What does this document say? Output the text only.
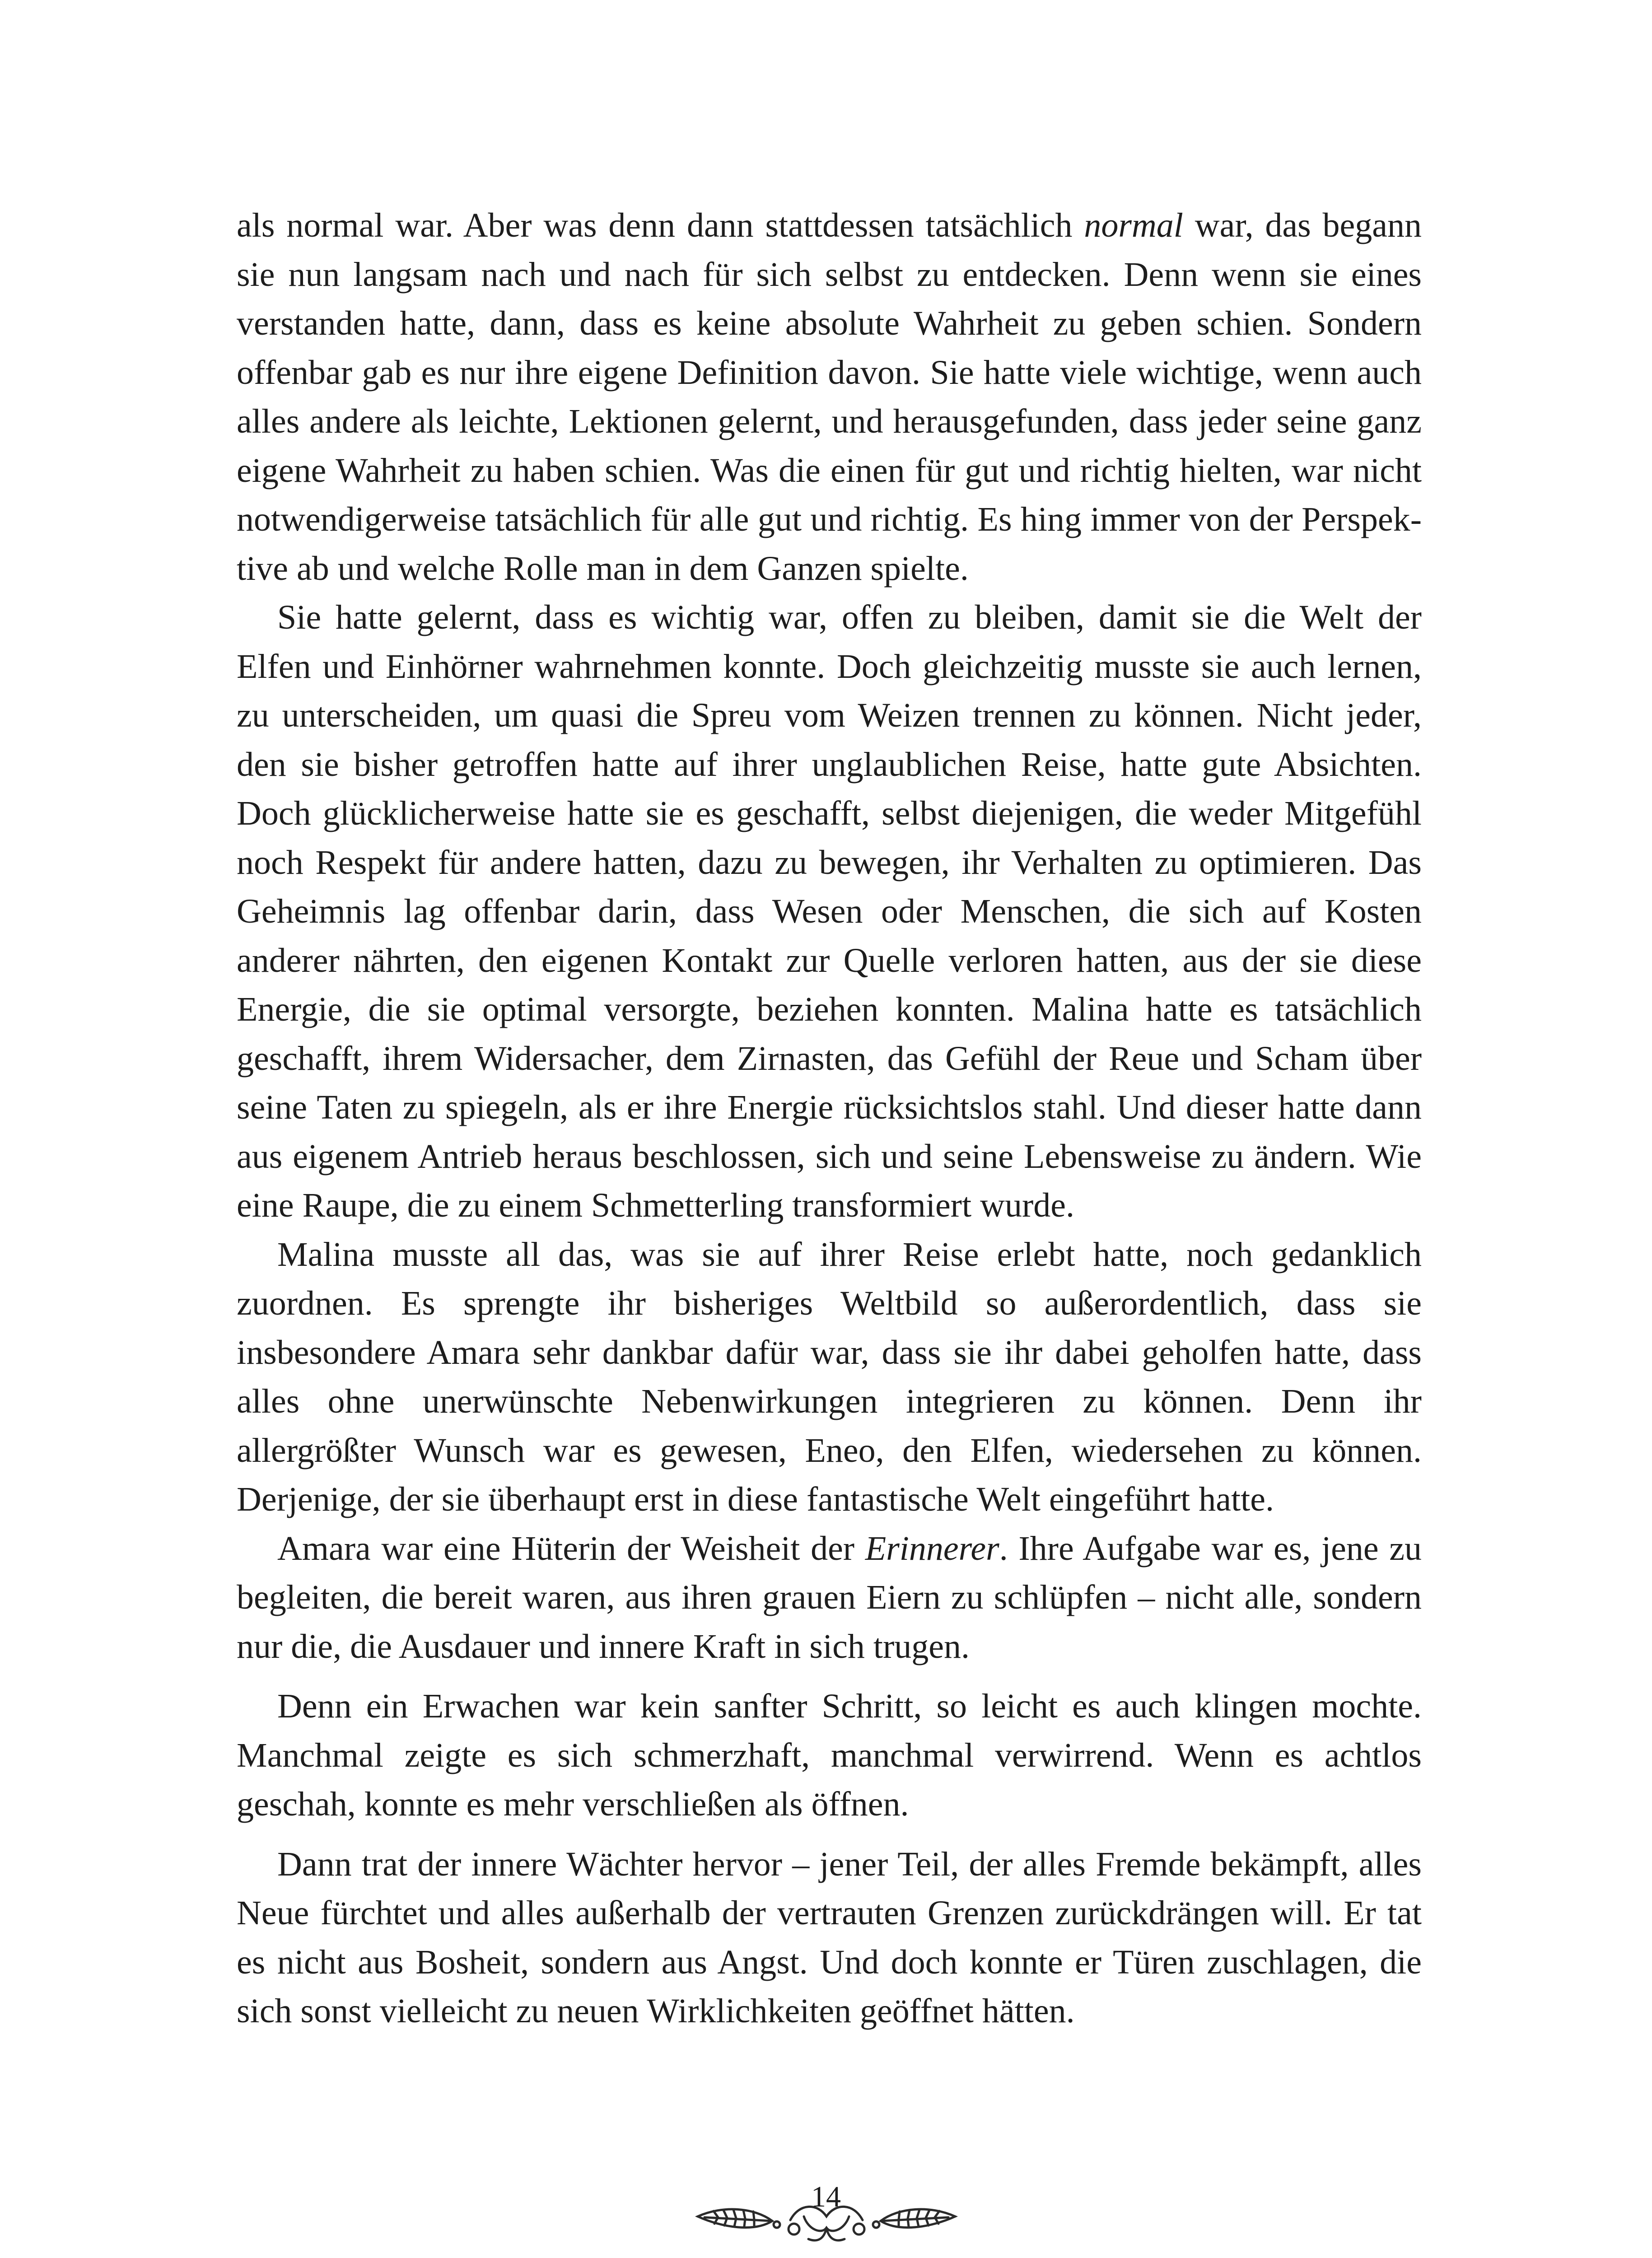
als normal war. Aber was denn dann stattdessen tatsächlich normal war, das begann sie nun langsam nach und nach für sich selbst zu entdecken. Denn wenn sie eines verstanden hatte, dann, dass es keine absolute Wahrheit zu geben schien. Sondern offenbar gab es nur ihre eigene Definition davon. Sie hatte viele wichtige, wenn auch alles andere als leichte, Lektionen gelernt, und herausgefunden, dass jeder seine ganz eigene Wahrheit zu haben schien. Was die einen für gut und richtig hielten, war nicht notwendigerweise tatsächlich für alle gut und richtig. Es hing immer von der Perspektive ab und welche Rolle man in dem Ganzen spielte.

Sie hatte gelernt, dass es wichtig war, offen zu bleiben, damit sie die Welt der Elfen und Einhörner wahrnehmen konnte. Doch gleichzeitig musste sie auch lernen, zu unterscheiden, um quasi die Spreu vom Weizen trennen zu können. Nicht jeder, den sie bisher getroffen hatte auf ihrer unglaublichen Reise, hatte gute Absichten. Doch glücklicherweise hatte sie es geschafft, selbst diejenigen, die weder Mitgefühl noch Respekt für andere hatten, dazu zu bewegen, ihr Verhalten zu optimieren. Das Geheimnis lag offenbar darin, dass Wesen oder Menschen, die sich auf Kosten anderer nährten, den eigenen Kontakt zur Quelle verloren hatten, aus der sie diese Energie, die sie optimal versorgte, beziehen konnten. Malina hatte es tatsächlich geschafft, ihrem Widersacher, dem Zirnasten, das Gefühl der Reue und Scham über seine Taten zu spiegeln, als er ihre Energie rücksichtslos stahl. Und dieser hatte dann aus eigenem Antrieb heraus beschlossen, sich und seine Lebensweise zu ändern. Wie eine Raupe, die zu einem Schmetterling transformiert wurde.

Malina musste all das, was sie auf ihrer Reise erlebt hatte, noch gedanklich zuordnen. Es sprengte ihr bisheriges Weltbild so außerordentlich, dass sie insbesondere Amara sehr dankbar dafür war, dass sie ihr dabei geholfen hatte, dass alles ohne unerwünschte Nebenwirkungen integrieren zu können. Denn ihr allergrößter Wunsch war es gewesen, Eneo, den Elfen, wiedersehen zu können. Derjenige, der sie überhaupt erst in diese fantastische Welt eingeführt hatte.

Amara war eine Hüterin der Weisheit der Erinnerer. Ihre Aufgabe war es, jene zu begleiten, die bereit waren, aus ihren grauen Eiern zu schlüpfen – nicht alle, sondern nur die, die Ausdauer und innere Kraft in sich trugen.

Denn ein Erwachen war kein sanfter Schritt, so leicht es auch klingen mochte. Manchmal zeigte es sich schmerzhaft, manchmal verwirrend. Wenn es achtlos geschah, konnte es mehr verschließen als öffnen.

Dann trat der innere Wächter hervor – jener Teil, der alles Fremde bekämpft, alles Neue fürchtet und alles außerhalb der vertrauten Grenzen zurückdrängen will. Er tat es nicht aus Bosheit, sondern aus Angst. Und doch konnte er Türen zuschlagen, die sich sonst vielleicht zu neuen Wirklichkeiten geöffnet hätten.

14
